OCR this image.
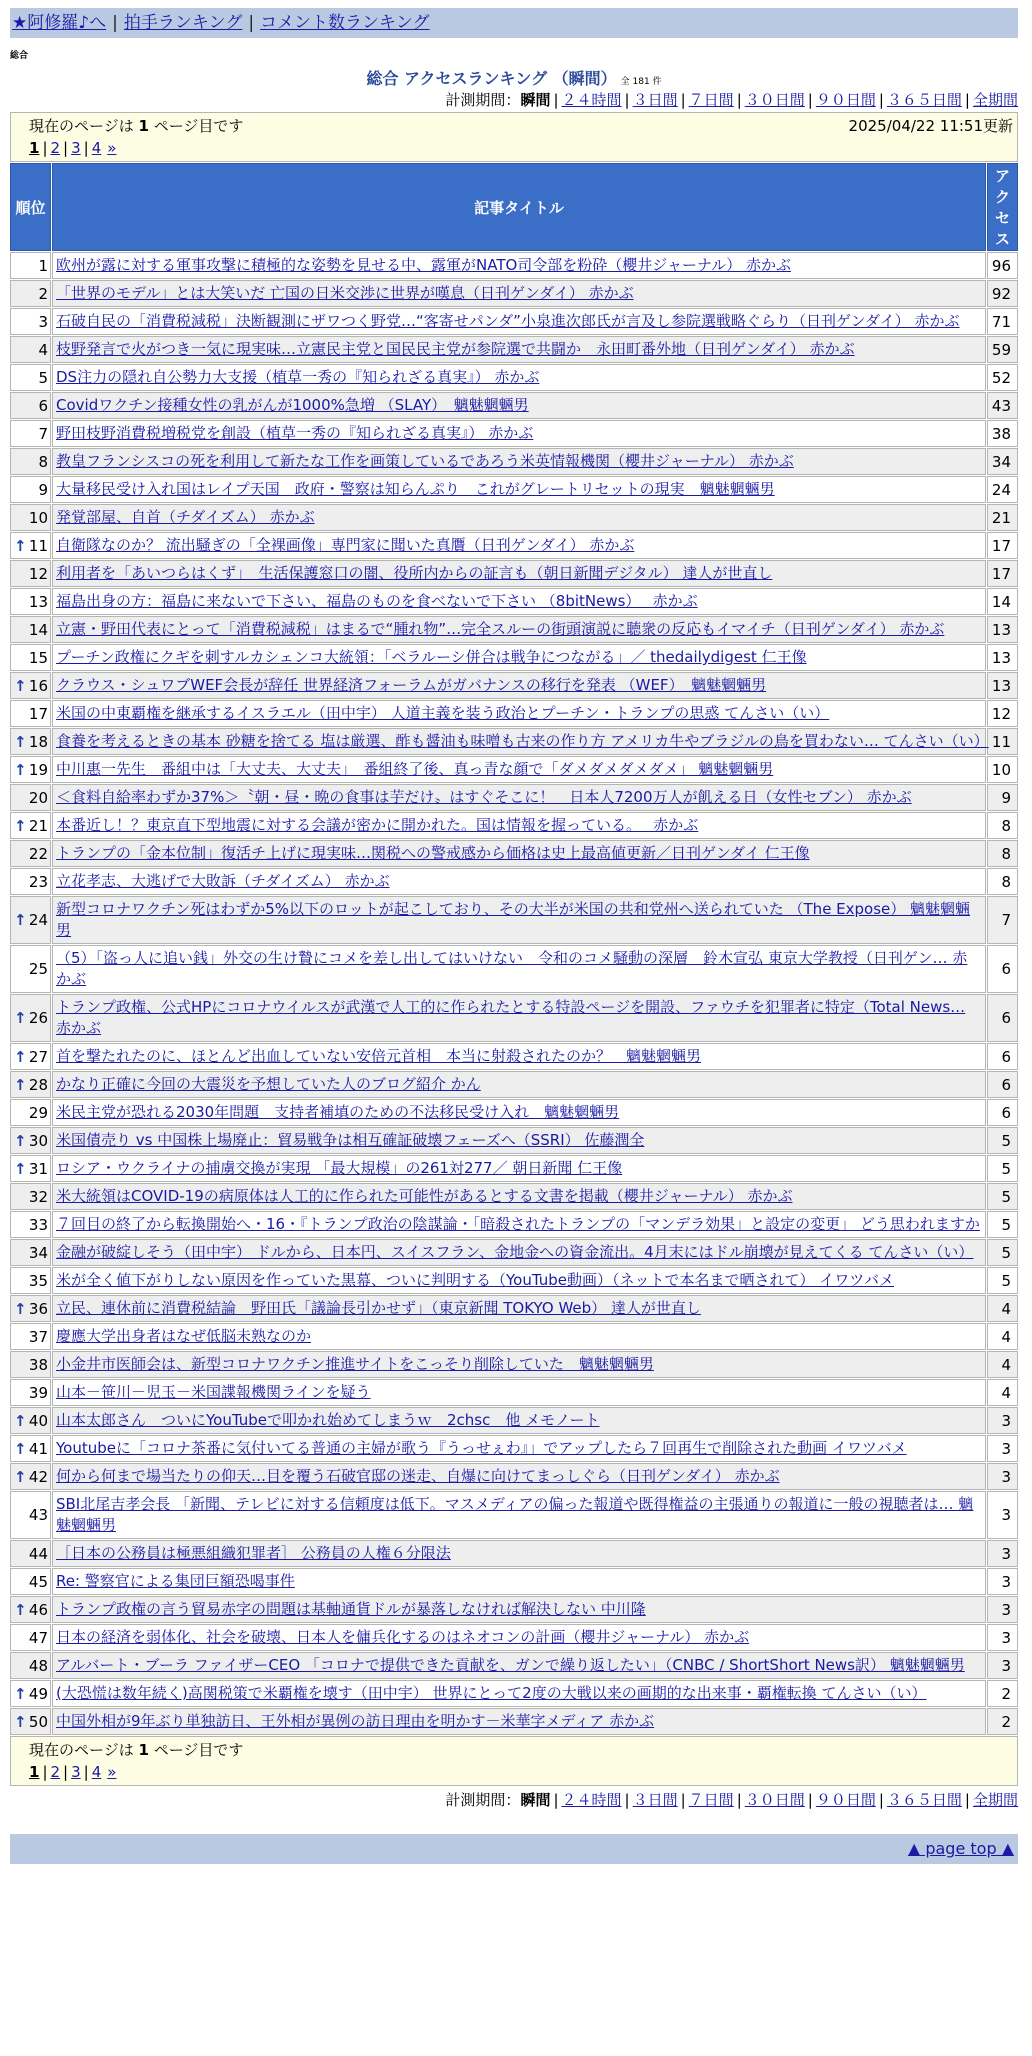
★阿修羅♪へ | 拍手ランキング | コメント数ランキング
総合
総合 アクセスランキング （瞬間） 全 181 件
計測期間：瞬間 | ２４時間 | ３日間 | ７日間 | ３０日間 | ９０日間 | ３６５日間 | 全期間
現在のページは 1 ページ目です	2025/04/22 11:51更新
1 | 2 | 3 | 4 »
順位	記事タイトル	アクセス
1	欧州が露に対する軍事攻撃に積極的な姿勢を見せる中、露軍がNATO司令部を粉砕（櫻井ジャーナル） 赤かぶ	96
2	「世界のモデル」とは大笑いだ 亡国の日米交渉に世界が嘆息（日刊ゲンダイ） 赤かぶ	92
3	石破自民の「消費税減税」決断観測にザワつく野党…“客寄せパンダ”小泉進次郎氏が言及し参院選戦略ぐらり（日刊ゲンダイ） 赤かぶ	71
4	枝野発言で火がつき一気に現実味…立憲民主党と国民民主党が参院選で共闘か　永田町番外地（日刊ゲンダイ） 赤かぶ	59
5	DS注力の隠れ自公勢力大支援（植草一秀の『知られざる真実』） 赤かぶ	52
6	Covidワクチン接種女性の乳がんが1000%急増 （SLAY）　魑魅魍魎男	43
7	野田枝野消費税増税党を創設（植草一秀の『知られざる真実』） 赤かぶ	38
8	教皇フランシスコの死を利用して新たな工作を画策しているであろう米英情報機関（櫻井ジャーナル） 赤かぶ	34
9	大量移民受け入れ国はレイプ天国　政府・警察は知らんぷり　これがグレートリセットの現実　魑魅魍魎男	24
10	発覚部屋、自首（チダイズム） 赤かぶ	21

↑ 11	自衛隊なのか？ 流出騒ぎの「全裸画像」専門家に聞いた真贋（日刊ゲンダイ） 赤かぶ	17
12	利用者を「あいつらはくず」　生活保護窓口の闇、役所内からの証言も（朝日新聞デジタル） 達人が世直し	17
13	福島出身の方：福島に来ないで下さい、福島のものを食べないで下さい （8bitNews）　 赤かぶ	14
14	立憲・野田代表にとって「消費税減税」はまるで“腫れ物”…完全スルーの街頭演説に聴衆の反応もイマイチ（日刊ゲンダイ） 赤かぶ	13
15	プーチン政権にクギを刺すルカシェンコ大統領：「ベラルーシ併合は戦争につながる」／ thedailydigest 仁王像	13

↑ 16	クラウス・シュワブWEF会長が辞任 世界経済フォーラムがガバナンスの移行を発表 （WEF）　魑魅魍魎男	13
17	米国の中東覇権を継承するイスラエル（田中宇） 人道主義を装う政治とプーチン・トランプの思惑 てんさい（い）	12

↑ 18	食養を考えるときの基本 砂糖を捨てる 塩は厳選、酢も醤油も味噌も古来の作り方 アメリカ牛やブラジルの鳥を買わない… てんさい（い）	11

↑ 19	中川惠一先生　番組中は「大丈夫、大丈夫」　番組終了後、真っ青な顔で「ダメダメダメダメ」 魑魅魍魎男	10
20	＜食料自給率わずか37%＞〝朝・昼・晩の食事は芋だけ〟はすぐそこに！　日本人7200万人が飢える日（女性セブン） 赤かぶ	9

↑ 21	本番近し！？東京直下型地震に対する会議が密かに開かれた。国は情報を握っている。　 赤かぶ	8
22	トランプの「金本位制」復活チ上げに現実味…関税への警戒感から価格は史上最高値更新／日刊ゲンダイ 仁王像	8
23	立花孝志、大逃げで大敗訴（チダイズム） 赤かぶ	8

↑ 24	新型コロナワクチン死はわずか5%以下のロットが起こしており、その大半が米国の共和党州へ送られていた （The Expose） 魑魅魍魎男	7
25	（5）「盗っ人に追い銭」外交の生け贄にコメを差し出してはいけない　令和のコメ騒動の深層　鈴木宣弘 東京大学教授（日刊ゲン… 赤かぶ	6

↑ 26	トランプ政権、公式HPにコロナウイルスが武漢で人工的に作られたとする特設ページを開設、ファウチを犯罪者に特定（Total News… 赤かぶ	6

↑ 27	首を撃たれたのに、ほとんど出血していない安倍元首相　本当に射殺されたのか？　魑魅魍魎男	6

↑ 28	かなり正確に今回の大震災を予想していた人のブログ紹介 かん	6
29	米民主党が恐れる2030年問題　支持者補填のための不法移民受け入れ　魑魅魍魎男	6

↑ 30	米国債売り vs 中国株上場廃止：貿易戦争は相互確証破壊フェーズへ（SSRI） 佐藤潤全	5

↑ 31	ロシア・ウクライナの捕虜交換が実現 「最大規模」の261対277／ 朝日新聞 仁王像	5
32	米大統領はCOVID-19の病原体は人工的に作られた可能性があるとする文書を掲載（櫻井ジャーナル） 赤かぶ	5
33	７回目の終了から転換開始へ・16・『トランプ政治の陰謀論・「暗殺されたトランプの「マンデラ効果」と設定の変更」 どう思われますか	5
34	金融が破綻しそう（田中宇） ドルから、日本円、スイスフラン、金地金への資金流出。4月末にはドル崩壊が見えてくる てんさい（い）	5
35	米が全く値下がりしない原因を作っていた黒幕、ついに判明する（YouTube動画）（ネットで本名まで晒されて） イワツバメ	5

↑ 36	立民、連休前に消費税結論　野田氏「議論長引かせず」（東京新聞 TOKYO Web） 達人が世直し	4
37	慶應大学出身者はなぜ低脳未熟なのか	4
38	小金井市医師会は、新型コロナワクチン推進サイトをこっそり削除していた　魑魅魍魎男	4
39	山本－笹川－児玉－米国諜報機関ラインを疑う	4

↑ 40	山本太郎さん　ついにYouTubeで叩かれ始めてしまうｗ　2chsc　他 メモノート	3

↑ 41	Youtubeに「コロナ茶番に気付いてる普通の主婦が歌う『うっせぇわ』」でアップしたら７回再生で削除された動画 イワツバメ	3

↑ 42	何から何まで場当たりの仰天…目を覆う石破官邸の迷走、自爆に向けてまっしぐら（日刊ゲンダイ） 赤かぶ	3
43	SBI北尾吉孝会長 「新聞、テレビに対する信頼度は低下。マスメディアの偏った報道や既得権益の主張通りの報道に一般の視聴者は… 魑魅魍魎男	3
44	［日本の公務員は極悪組織犯罪者］ 公務員の人権６分限法	3
45	Re: 警察官による集団巨額恐喝事件	3

↑ 46	トランプ政権の言う貿易赤字の問題は基軸通貨ドルが暴落しなければ解決しない 中川隆	3
47	日本の経済を弱体化、社会を破壊、日本人を傭兵化するのはネオコンの計画（櫻井ジャーナル） 赤かぶ	3
48	アルバート・ブーラ ファイザーCEO 「コロナで提供できた貢献を、ガンで繰り返したい」（CNBC / ShortShort News訳） 魑魅魍魎男	3

↑ 49	(大恐慌は数年続く)高関税策で米覇権を壊す（田中宇） 世界にとって2度の大戦以来の画期的な出来事・覇権転換 てんさい（い）	2

↑ 50	中国外相が9年ぶり単独訪日、王外相が異例の訪日理由を明かす－米華字メディア 赤かぶ	2
現在のページは 1 ページ目です
1 | 2 | 3 | 4 »
計測期間：瞬間 | ２４時間 | ３日間 | ７日間 | ３０日間 | ９０日間 | ３６５日間 | 全期間
▲ page top ▲
